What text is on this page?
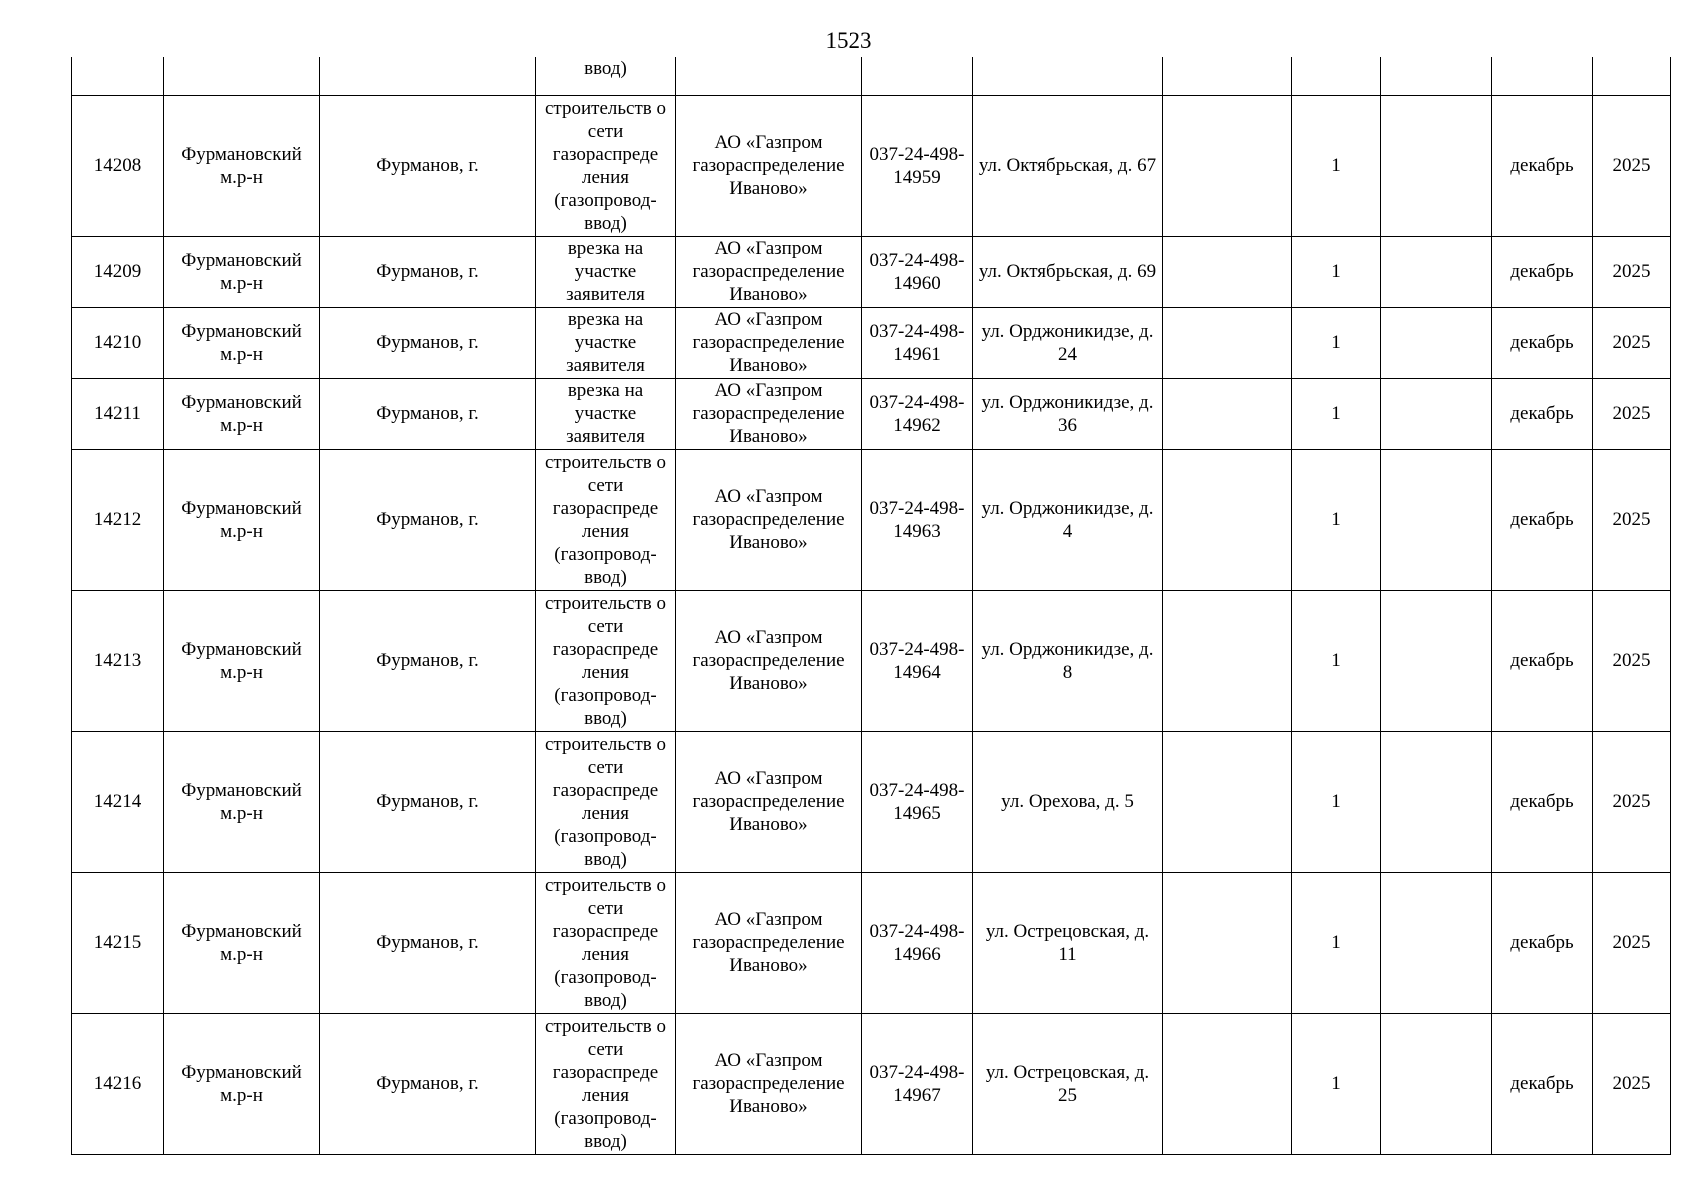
1523
			ввод)								
14208	Фурмановский м.р-н	Фурманов, г.	строительств о сети газораспреде ления (газопровод-ввод)	АО «Газпром газораспределение Иваново»	037-24-498-14959	ул. Октябрьская, д. 67		1		декабрь	2025
14209	Фурмановский м.р-н	Фурманов, г.	врезка на участке заявителя	АО «Газпром газораспределение Иваново»	037-24-498-14960	ул. Октябрьская, д. 69		1		декабрь	2025
14210	Фурмановский м.р-н	Фурманов, г.	врезка на участке заявителя	АО «Газпром газораспределение Иваново»	037-24-498-14961	ул. Орджоникидзе, д. 24		1		декабрь	2025
14211	Фурмановский м.р-н	Фурманов, г.	врезка на участке заявителя	АО «Газпром газораспределение Иваново»	037-24-498-14962	ул. Орджоникидзе, д. 36		1		декабрь	2025
14212	Фурмановский м.р-н	Фурманов, г.	строительств о сети газораспреде ления (газопровод-ввод)	АО «Газпром газораспределение Иваново»	037-24-498-14963	ул. Орджоникидзе, д. 4		1		декабрь	2025
14213	Фурмановский м.р-н	Фурманов, г.	строительств о сети газораспреде ления (газопровод-ввод)	АО «Газпром газораспределение Иваново»	037-24-498-14964	ул. Орджоникидзе, д. 8		1		декабрь	2025
14214	Фурмановский м.р-н	Фурманов, г.	строительств о сети газораспреде ления (газопровод-ввод)	АО «Газпром газораспределение Иваново»	037-24-498-14965	ул. Орехова, д. 5		1		декабрь	2025
14215	Фурмановский м.р-н	Фурманов, г.	строительств о сети газораспреде ления (газопровод-ввод)	АО «Газпром газораспределение Иваново»	037-24-498-14966	ул. Острецовская, д. 11		1		декабрь	2025
14216	Фурмановский м.р-н	Фурманов, г.	строительств о сети газораспреде ления (газопровод-ввод)	АО «Газпром газораспределение Иваново»	037-24-498-14967	ул. Острецовская, д. 25		1		декабрь	2025
